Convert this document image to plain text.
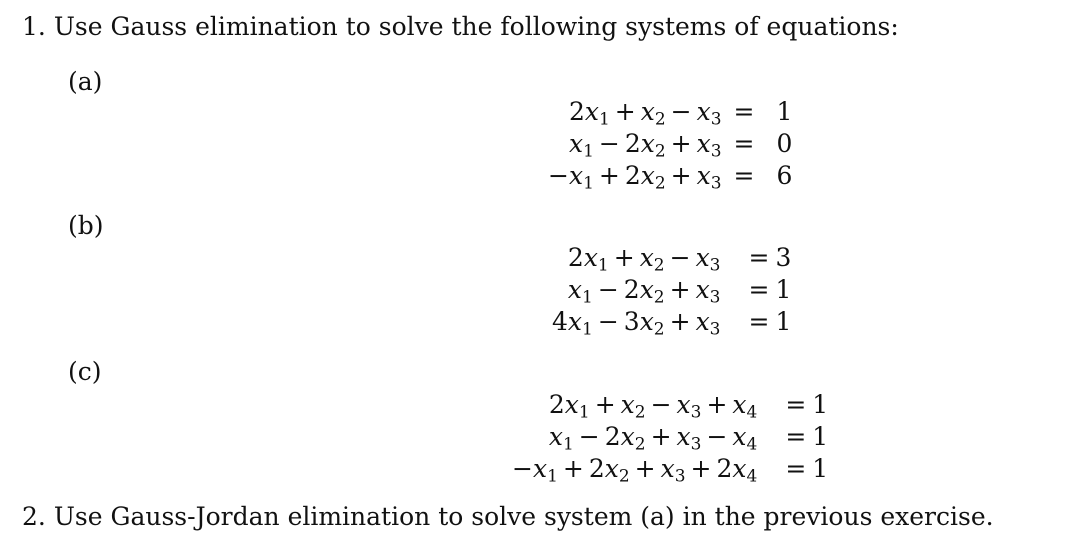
1. Use Gauss elimination to solve the following systems of equations:
(a)
$2x_1 + x_2 - x_3$	=	1
$x_1 - 2x_2 + x_3$	=	0
$-x_1 + 2x_2 + x_3$	=	6
(b)
$2x_1 + x_2 - x_3$	=	3
$x_1 - 2x_2 + x_3$	=	1
$4x_1 - 3x_2 + x_3$	=	1
(c)
$2x_1 + x_2 - x_3 + x_4$	=	1
$x_1 - 2x_2 + x_3 - x_4$	=	1
$-x_1 + 2x_2 + x_3 + 2x_4$	=	1
2. Use Gauss-Jordan elimination to solve system (a) in the previous exercise.
